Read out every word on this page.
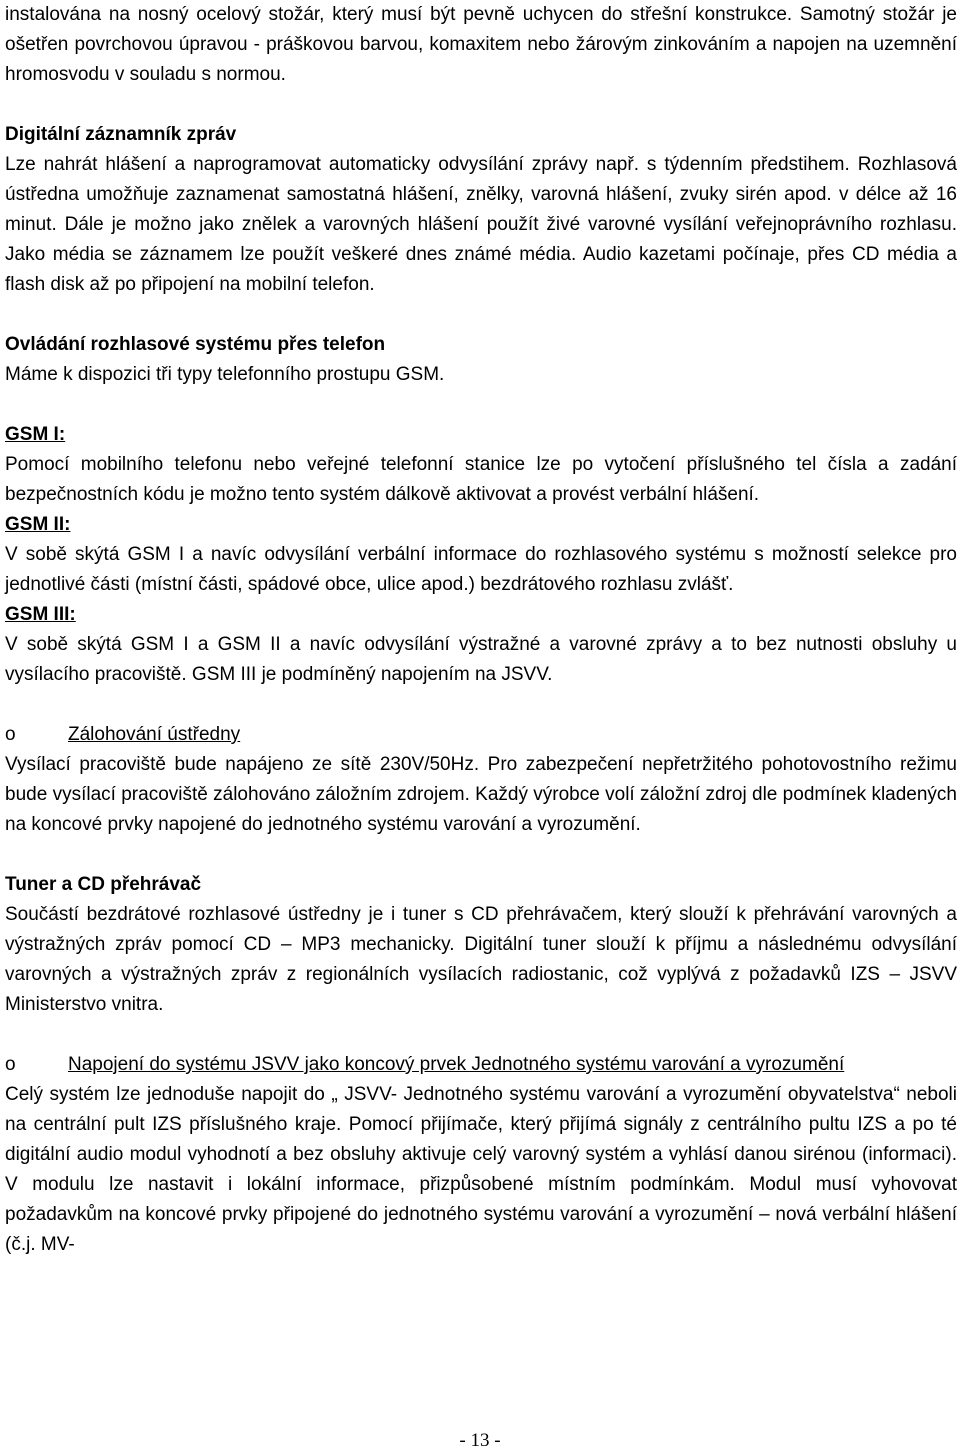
instalována na nosný ocelový stožár, který musí být pevně uchycen do střešní konstrukce. Samotný stožár je ošetřen povrchovou úpravou - práškovou barvou, komaxitem nebo žárovým zinkováním a napojen na uzemnění hromosvodu v souladu s normou.

Digitální záznamník zpráv

Lze nahrát hlášení a naprogramovat automaticky odvysílání zprávy např. s týdenním předstihem. Rozhlasová ústředna umožňuje zaznamenat samostatná hlášení, znělky, varovná hlášení, zvuky sirén apod. v délce až 16 minut. Dále je možno jako znělek a varovných hlášení použít živé varovné vysílání veřejnoprávního rozhlasu. Jako média se záznamem lze použít veškeré dnes známé média. Audio kazetami počínaje, přes CD média a flash disk až po připojení na mobilní telefon.

Ovládání rozhlasové systému přes telefon

Máme k dispozici tři typy telefonního prostupu GSM.

GSM I:

Pomocí mobilního telefonu nebo veřejné telefonní stanice lze po vytočení příslušného tel čísla a zadání bezpečnostních kódu je možno tento systém dálkově aktivovat a provést verbální hlášení.

GSM II:

V sobě skýtá GSM I a navíc odvysílání verbální informace do rozhlasového systému s možností selekce pro jednotlivé části (místní části, spádové obce, ulice apod.) bezdrátového rozhlasu zvlášť.

GSM III:

V sobě skýtá GSM I a GSM II a navíc odvysílání výstražné a varovné zprávy a to bez nutnosti obsluhy u vysílacího pracoviště. GSM III je podmíněný napojením na JSVV.

o	Zálohování ústředny

Vysílací pracoviště bude napájeno ze sítě 230V/50Hz. Pro zabezpečení nepřetržitého pohotovostního režimu bude vysílací pracoviště zálohováno záložním zdrojem. Každý výrobce volí záložní zdroj dle podmínek kladených na koncové prvky napojené do jednotného systému varování a vyrozumění.

Tuner a CD přehrávač

Součástí bezdrátové rozhlasové ústředny je i tuner s CD přehrávačem, který slouží k přehrávání varovných a výstražných zpráv pomocí CD – MP3 mechanicky. Digitální tuner slouží k příjmu a následnému odvysílání varovných a výstražných zpráv z regionálních vysílacích radiostanic, což vyplývá z požadavků IZS – JSVV Ministerstvo vnitra.

o	Napojení do systému JSVV jako koncový prvek Jednotného systému varování a vyrozumění

Celý systém lze jednoduše napojit do „ JSVV- Jednotného systému varování a vyrozumění obyvatelstva“ neboli na centrální pult IZS příslušného kraje. Pomocí přijímače, který přijímá signály z centrálního pultu IZS a po té digitální audio modul vyhodnotí a bez obsluhy aktivuje celý varovný systém a vyhlásí danou sirénou (informaci). V modulu lze nastavit i lokální informace, přizpůsobené místním podmínkám. Modul musí vyhovovat požadavkům na koncové prvky připojené do jednotného systému varování a vyrozumění – nová verbální hlášení (č.j. MV-

- 13 -
